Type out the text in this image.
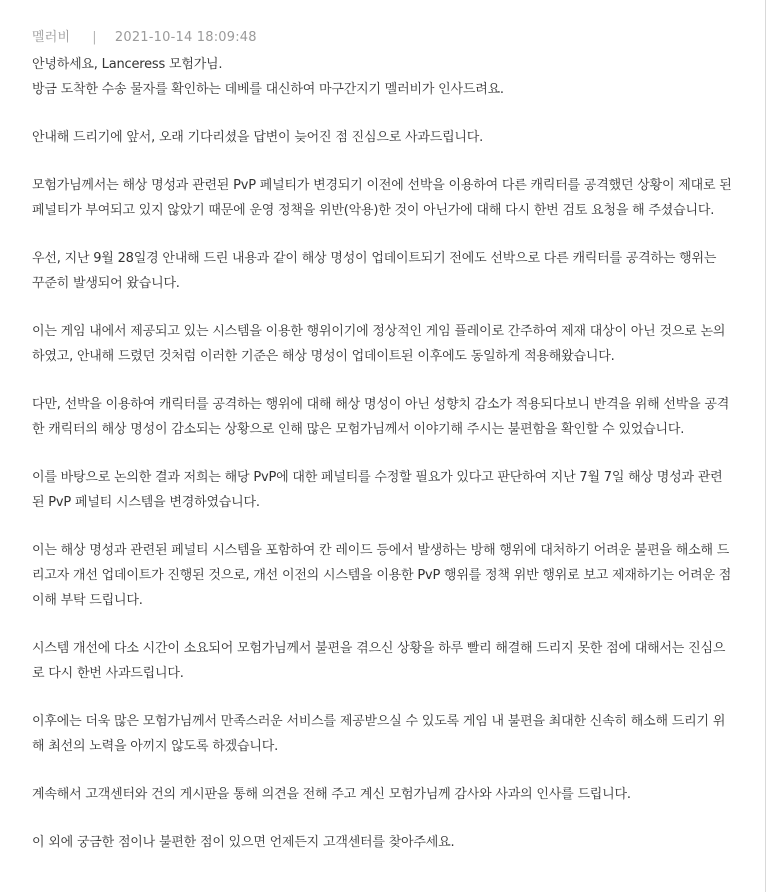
멜러비 | 2021-10-14 18:09:48

안녕하세요, Lanceress 모험가님.

방금 도착한 수송 물자를 확인하는 데베를 대신하여 마구간지기 멜러비가 인사드려요.

안내해 드리기에 앞서, 오래 기다리셨을 답변이 늦어진 점 진심으로 사과드립니다.

모험가님께서는 해상 명성과 관련된 PvP 페널티가 변경되기 이전에 선박을 이용하여 다른 캐릭터를 공격했던 상황이 제대로 된 페널티가 부여되고 있지 않았기 때문에 운영 정책을 위반(악용)한 것이 아닌가에 대해 다시 한번 검토 요청을 해 주셨습니다.

우선, 지난 9월 28일경 안내해 드린 내용과 같이 해상 명성이 업데이트되기 전에도 선박으로 다른 캐릭터를 공격하는 행위는 꾸준히 발생되어 왔습니다.

이는 게임 내에서 제공되고 있는 시스템을 이용한 행위이기에 정상적인 게임 플레이로 간주하여 제재 대상이 아닌 것으로 논의하였고, 안내해 드렸던 것처럼 이러한 기준은 해상 명성이 업데이트된 이후에도 동일하게 적용해왔습니다.

다만, 선박을 이용하여 캐릭터를 공격하는 행위에 대해 해상 명성이 아닌 성향치 감소가 적용되다보니 반격을 위해 선박을 공격한 캐릭터의 해상 명성이 감소되는 상황으로 인해 많은 모험가님께서 이야기해 주시는 불편함을 확인할 수 있었습니다.

이를 바탕으로 논의한 결과 저희는 해당 PvP에 대한 페널티를 수정할 필요가 있다고 판단하여 지난 7월 7일 해상 명성과 관련된 PvP 페널티 시스템을 변경하였습니다.

이는 해상 명성과 관련된 페널티 시스템을 포함하여 칸 레이드 등에서 발생하는 방해 행위에 대처하기 어려운 불편을 해소해 드리고자 개선 업데이트가 진행된 것으로, 개선 이전의 시스템을 이용한 PvP 행위를 정책 위반 행위로 보고 제재하기는 어려운 점 이해 부탁 드립니다.

시스템 개선에 다소 시간이 소요되어 모험가님께서 불편을 겪으신 상황을 하루 빨리 해결해 드리지 못한 점에 대해서는 진심으로 다시 한번 사과드립니다.

이후에는 더욱 많은 모험가님께서 만족스러운 서비스를 제공받으실 수 있도록 게임 내 불편을 최대한 신속히 해소해 드리기 위해 최선의 노력을 아끼지 않도록 하겠습니다.

계속해서 고객센터와 건의 게시판을 통해 의견을 전해 주고 계신 모험가님께 감사와 사과의 인사를 드립니다.

이 외에 궁금한 점이나 불편한 점이 있으면 언제든지 고객센터를 찾아주세요.
